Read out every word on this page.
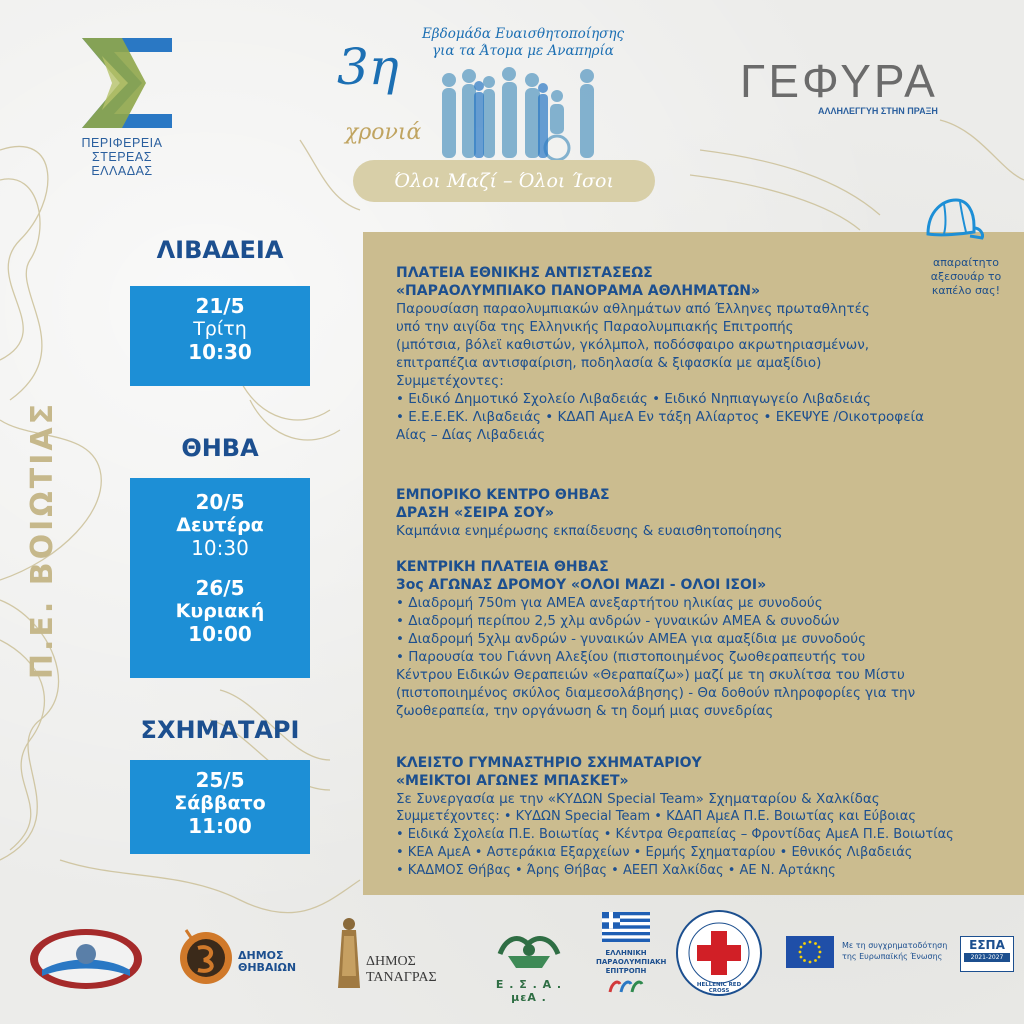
ΠΕΡΙΦΕΡΕΙΑ
ΣΤΕΡΕΑΣ
ΕΛΛΑΔΑΣ
Εβδομάδα Ευαισθητοποίησης
για τα Άτομα με Αναπηρία
3η
χρονιά
Όλοι Μαζί – Όλοι Ίσοι
ΓΕΦΥΡΑ
ΑΛΛΗΛΕΓΓΥΗ ΣΤΗΝ ΠΡΑΞΗ
απαραίτητο αξεσουάρ το καπέλο σας!
Π.Ε. ΒΟΙΩΤΙΑΣ
ΛΙΒΑΔΕΙΑ
21/5
Τρίτη
10:30
ΘΗΒΑ
20/5
Δευτέρα
10:30
26/5
Κυριακή
10:00
ΣΧΗΜΑΤΑΡΙ
25/5
Σάββατο
11:00
ΠΛΑΤΕΙΑ ΕΘΝΙΚΗΣ ΑΝΤΙΣΤΑΣΕΩΣ
«ΠΑΡΑΟΛΥΜΠΙΑΚΟ ΠΑΝΟΡΑΜΑ ΑΘΛΗΜΑΤΩΝ»
Παρουσίαση παραολυμπιακών αθλημάτων από Έλληνες πρωταθλητές
υπό την αιγίδα της Ελληνικής Παραολυμπιακής Επιτροπής
(μπότσια, βόλεϊ καθιστών, γκόλμπολ, ποδόσφαιρο ακρωτηριασμένων,
επιτραπέζια αντισφαίριση, ποδηλασία & ξιφασκία με αμαξίδιο)
Συμμετέχοντες:
• Ειδικό Δημοτικό Σχολείο Λιβαδειάς • Ειδικό Νηπιαγωγείο Λιβαδειάς
• Ε.Ε.Ε.ΕΚ. Λιβαδειάς • ΚΔΑΠ ΑμεΑ Εν τάξη Αλίαρτος • ΕΚΕΨΥΕ /Οικοτροφεία
Αίας – Δίας Λιβαδειάς
ΕΜΠΟΡΙΚΟ ΚΕΝΤΡΟ ΘΗΒΑΣ
ΔΡΑΣΗ «ΣΕΙΡΑ ΣΟΥ»
Καμπάνια ενημέρωσης εκπαίδευσης & ευαισθητοποίησης
ΚΕΝΤΡΙΚΗ ΠΛΑΤΕΙΑ ΘΗΒΑΣ
3ος ΑΓΩΝΑΣ ΔΡΟΜΟΥ «ΟΛΟΙ ΜΑΖΙ - ΟΛΟΙ ΙΣΟΙ»
• Διαδρομή 750m για ΑΜΕΑ ανεξαρτήτου ηλικίας με συνοδούς
• Διαδρομή περίπου 2,5 χλμ ανδρών - γυναικών ΑΜΕΑ & συνοδών
• Διαδρομή 5χλμ ανδρών - γυναικών ΑΜΕΑ για αμαξίδια με συνοδούς
• Παρουσία του Γιάννη Αλεξίου (πιστοποιημένος ζωοθεραπευτής του
Κέντρου Ειδικών Θεραπειών «Θεραπαίζω») μαζί με τη σκυλίτσα του Μίστυ
(πιστοποιημένος σκύλος διαμεσολάβησης) - Θα δοθούν πληροφορίες για την
ζωοθεραπεία, την οργάνωση & τη δομή μιας συνεδρίας
ΚΛΕΙΣΤΟ ΓΥΜΝΑΣΤΗΡΙΟ ΣΧΗΜΑΤΑΡΙΟΥ
«ΜΕΙΚΤΟΙ ΑΓΩΝΕΣ ΜΠΑΣΚΕΤ»
Σε Συνεργασία με την «ΚΥΔΩΝ Special Team» Σχηματαρίου & Χαλκίδας
Συμμετέχοντες: • ΚΥΔΩΝ Special Team • ΚΔΑΠ ΑμεΑ Π.Ε. Βοιωτίας και Εύβοιας
• Ειδικά Σχολεία Π.Ε. Βοιωτίας • Κέντρα Θεραπείας – Φροντίδας ΑμεΑ Π.Ε. Βοιωτίας
• ΚΕΑ ΑμεΑ • Αστεράκια Εξαρχείων • Ερμής Σχηματαρίου • Εθνικός Λιβαδειάς
• ΚΑΔΜΟΣ Θήβας • Άρης Θήβας • ΑΕΕΠ Χαλκίδας • ΑΕ Ν. Αρτάκης
ΔΗΜΟΣ ΘΗΒΑΙΩΝ	ΔΗΜΟΣ
ΤΑΝΑΓΡΑΣ	Ε . Σ . Α . μεΑ .
ΕΛΛΗΝΙΚΗ ΠΑΡΑΟΛΥΜΠΙΑΚΗ ΕΠΙΤΡΟΠΗ
HELLENIC RED CROSS
Με τη συγχρηματοδότηση
της Ευρωπαϊκής Ένωσης
ΕΣΠΑ
2021-2027
